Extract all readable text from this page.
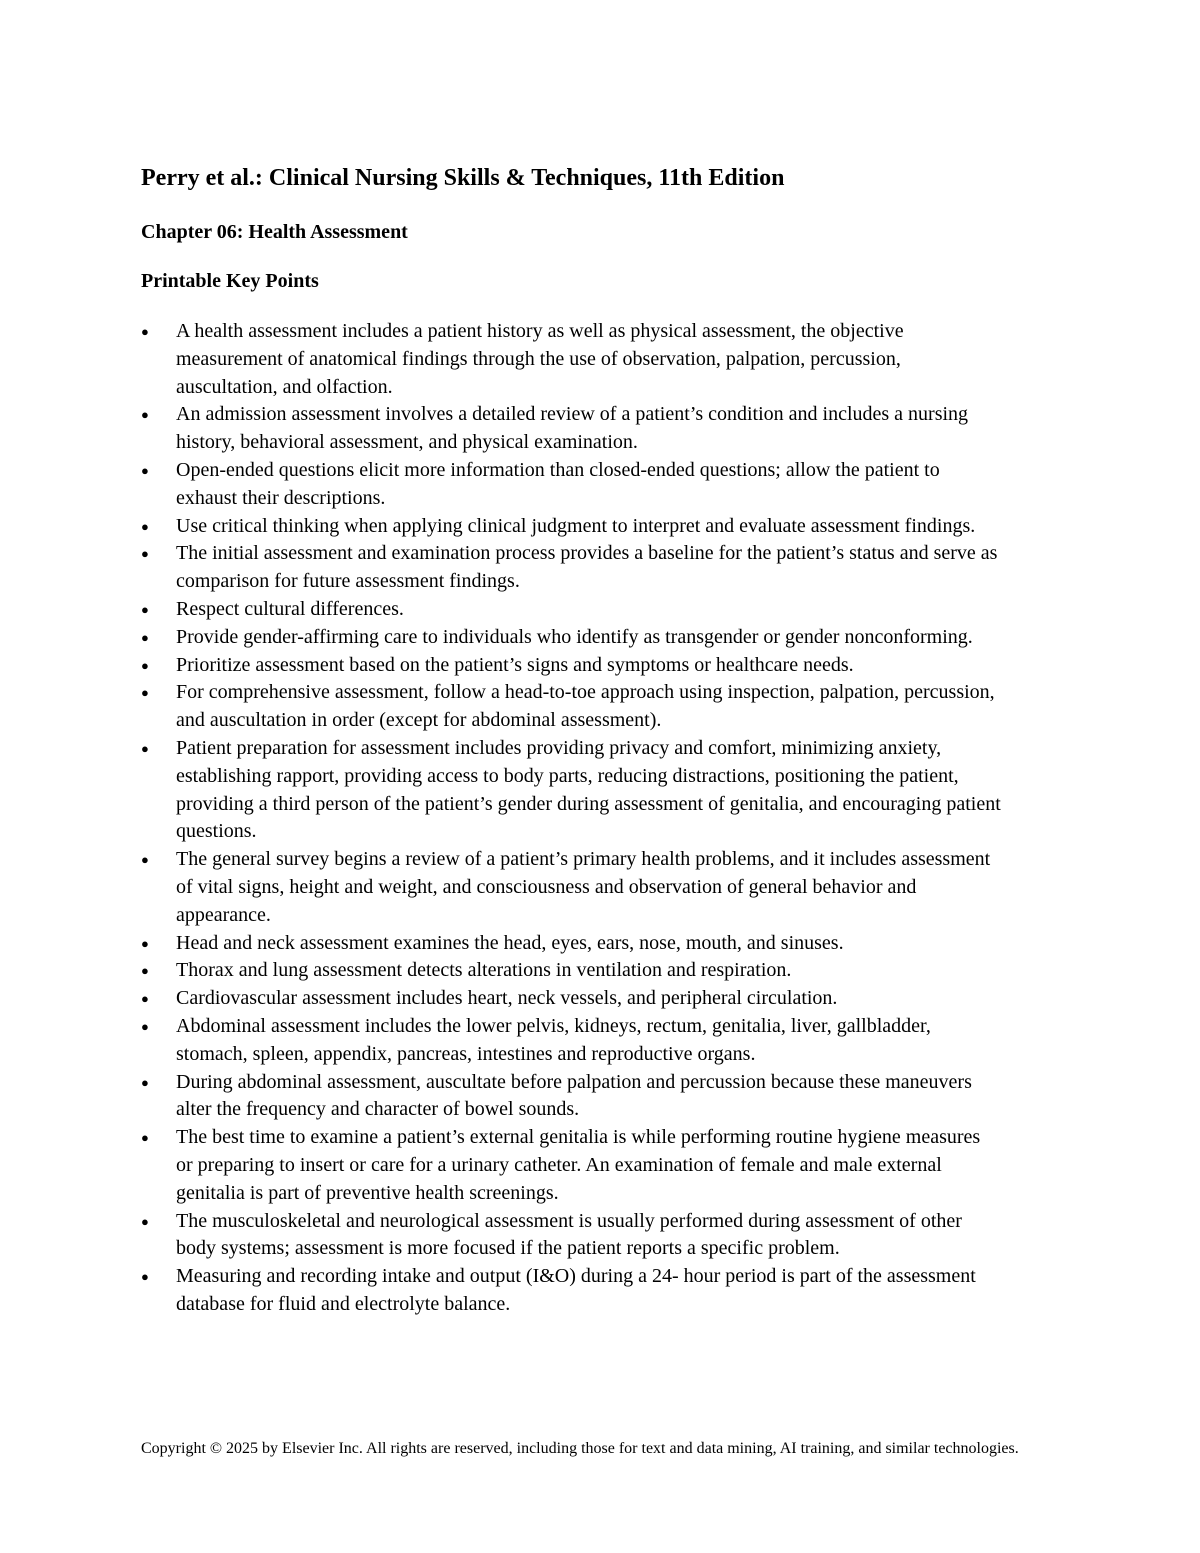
Perry et al.: Clinical Nursing Skills & Techniques, 11th Edition
Chapter 06: Health Assessment
Printable Key Points
●	A health assessment includes a patient history as well as physical assessment, the objective measurement of anatomical findings through the use of observation, palpation, percussion, auscultation, and olfaction.
●	An admission assessment involves a detailed review of a patient’s condition and includes a nursing history, behavioral assessment, and physical examination.
●	Open-ended questions elicit more information than closed-ended questions; allow the patient to exhaust their descriptions.
●	Use critical thinking when applying clinical judgment to interpret and evaluate assessment findings.
●	The initial assessment and examination process provides a baseline for the patient’s status and serve as comparison for future assessment findings.
●	Respect cultural differences.
●	Provide gender-affirming care to individuals who identify as transgender or gender nonconforming.
●	Prioritize assessment based on the patient’s signs and symptoms or healthcare needs.
●	For comprehensive assessment, follow a head-to-toe approach using inspection, palpation, percussion, and auscultation in order (except for abdominal assessment).
●	Patient preparation for assessment includes providing privacy and comfort, minimizing anxiety, establishing rapport, providing access to body parts, reducing distractions, positioning the patient, providing a third person of the patient’s gender during assessment of genitalia, and encouraging patient questions.
●	The general survey begins a review of a patient’s primary health problems, and it includes assessment of vital signs, height and weight, and consciousness and observation of general behavior and appearance.
●	Head and neck assessment examines the head, eyes, ears, nose, mouth, and sinuses.
●	Thorax and lung assessment detects alterations in ventilation and respiration.
●	Cardiovascular assessment includes heart, neck vessels, and peripheral circulation.
●	Abdominal assessment includes the lower pelvis, kidneys, rectum, genitalia, liver, gallbladder, stomach, spleen, appendix, pancreas, intestines and reproductive organs.
●	During abdominal assessment, auscultate before palpation and percussion because these maneuvers alter the frequency and character of bowel sounds.
●	The best time to examine a patient’s external genitalia is while performing routine hygiene measures or preparing to insert or care for a urinary catheter. An examination of female and male external genitalia is part of preventive health screenings.
●	The musculoskeletal and neurological assessment is usually performed during assessment of other body systems; assessment is more focused if the patient reports a specific problem.
●	Measuring and recording intake and output (I&O) during a 24- hour period is part of the assessment database for fluid and electrolyte balance.

Copyright © 2025 by Elsevier Inc. All rights are reserved, including those for text and data mining, AI training, and similar technologies.
